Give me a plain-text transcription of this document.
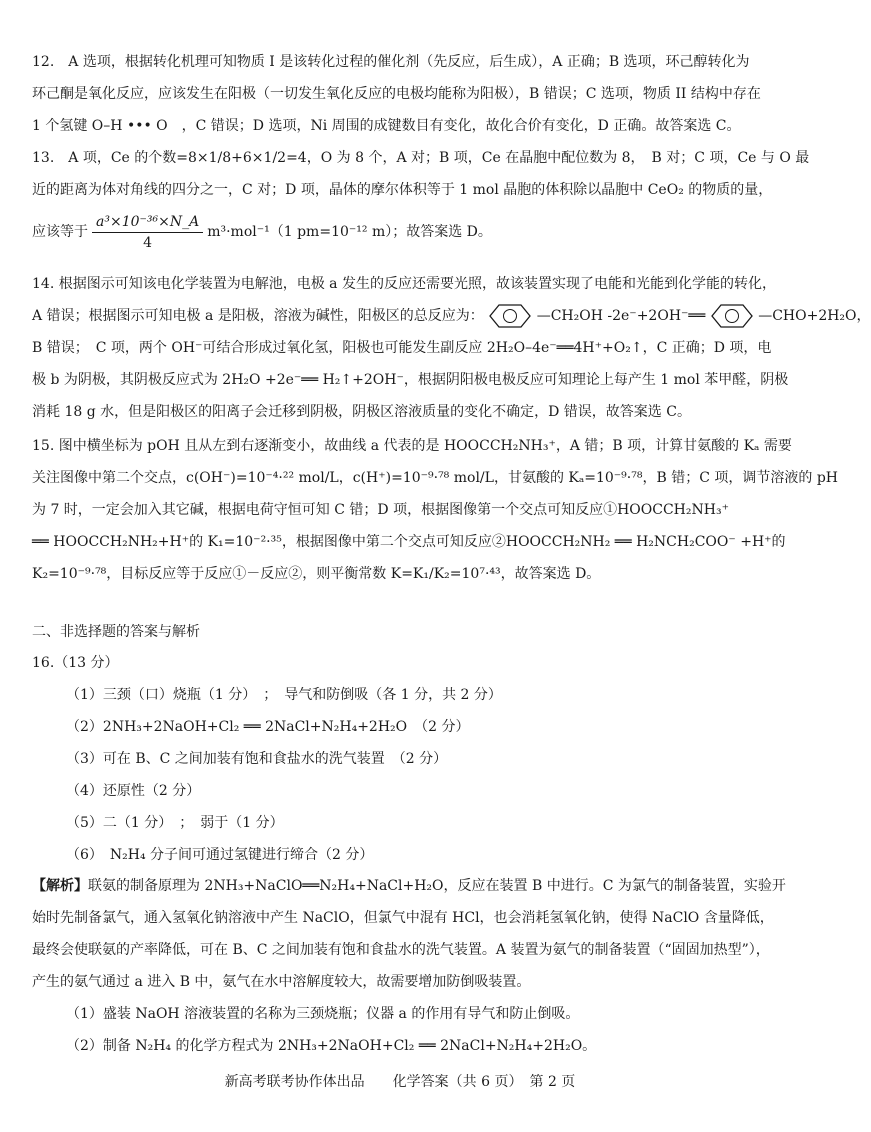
12.　A 选项，根据转化机理可知物质 I 是该转化过程的催化剂（先反应，后生成），A 正确；B 选项，环己醇转化为

环己酮是氧化反应，应该发生在阳极（一切发生氧化反应的电极均能称为阳极），B 错误；C 选项，物质 II 结构中存在

1 个氢键 O–H ••• O　，C 错误；D 选项，Ni 周围的成键数目有变化，故化合价有变化，D 正确。故答案选 C。

13.　A 项，Ce 的个数=8×1/8+6×1/2=4，O 为 8 个，A 对；B 项，Ce 在晶胞中配位数为 8，　B 对；C 项，Ce 与 O 最

近的距离为体对角线的四分之一，C 对；D 项，晶体的摩尔体积等于 1 mol 晶胞的体积除以晶胞中 CeO₂ 的物质的量，

应该等于 $\frac{\text{a³×10⁻³⁶×N\_A}}{4} m^3\cdot mol^{-1}(1$ pm=10⁻¹² m）；故答案选 D。

14. 根据图示可知该电化学装置为电解池，电极 a 发生的反应还需要光照，故该装置实现了电能和光能到化学能的转化，

A 错误；根据图示可知电极 a 是阳极，溶液为碱性，阳极区的总反应为：	—CH₂OH -2e⁻+2OH⁻══	—CHO+2H₂O，

B 错误；　C 项，两个 OH⁻可结合形成过氧化氢，阳极也可能发生副反应 2H₂O–4e⁻══4H⁺+O₂↑，C 正确；D 项，电

极 b 为阴极，其阴极反应式为 2H₂O +2e⁻══ H₂↑+2OH⁻，根据阴阳极电极反应可知理论上每产生 1 mol 苯甲醛，阴极

消耗 18 g 水，但是阳极区的阳离子会迁移到阴极，阴极区溶液质量的变化不确定，D 错误，故答案选 C。

15. 图中横坐标为 pOH 且从左到右逐渐变小，故曲线 a 代表的是 HOOCCH₂NH₃⁺，A 错；B 项，计算甘氨酸的 Kₐ 需要

关注图像中第二个交点，c(OH⁻)=10⁻⁴·²² mol/L，c(H⁺)=10⁻⁹·⁷⁸ mol/L，甘氨酸的 Kₐ=10⁻⁹·⁷⁸，B 错；C 项，调节溶液的 pH

为 7 时，一定会加入其它碱，根据电荷守恒可知 C 错；D 项，根据图像第一个交点可知反应①HOOCCH₂NH₃⁺

══ HOOCCH₂NH₂+H⁺的 K₁=10⁻²·³⁵，根据图像中第二个交点可知反应②HOOCCH₂NH₂ ══ H₂NCH₂COO⁻ +H⁺的

K₂=10⁻⁹·⁷⁸，目标反应等于反应①－反应②，则平衡常数 K=K₁/K₂=10⁷·⁴³，故答案选 D。

二、非选择题的答案与解析
16.（13 分）
（1）三颈（口）烧瓶（1 分）　；　导气和防倒吸（各 1 分，共 2 分）
（2）2NH₃+2NaOH+Cl₂ ══ 2NaCl+N₂H₄+2H₂O　（2 分）
（3）可在 B、C 之间加装有饱和食盐水的洗气装置　（2 分）
（4）还原性（2 分）
（5）二（1 分）　；　弱于（1 分）
（6）　N₂H₄ 分子间可通过氢键进行缔合（2 分）

【解析】联氨的制备原理为 2NH₃+NaClO══N₂H₄+NaCl+H₂O，反应在装置 B 中进行。C 为氯气的制备装置，实验开

始时先制备氯气，通入氢氧化钠溶液中产生 NaClO，但氯气中混有 HCl，也会消耗氢氧化钠，使得 NaClO 含量降低，

最终会使联氨的产率降低，可在 B、C 之间加装有饱和食盐水的洗气装置。A 装置为氨气的制备装置（“固固加热型”），

产生的氨气通过 a 进入 B 中，氨气在水中溶解度较大，故需要增加防倒吸装置。

（1）盛装 NaOH 溶液装置的名称为三颈烧瓶；仪器 a 的作用有导气和防止倒吸。

（2）制备 N₂H₄ 的化学方程式为 2NH₃+2NaOH+Cl₂ ══ 2NaCl+N₂H₄+2H₂O。

新高考联考协作体出品　　化学答案（共 6 页）　第 2 页
